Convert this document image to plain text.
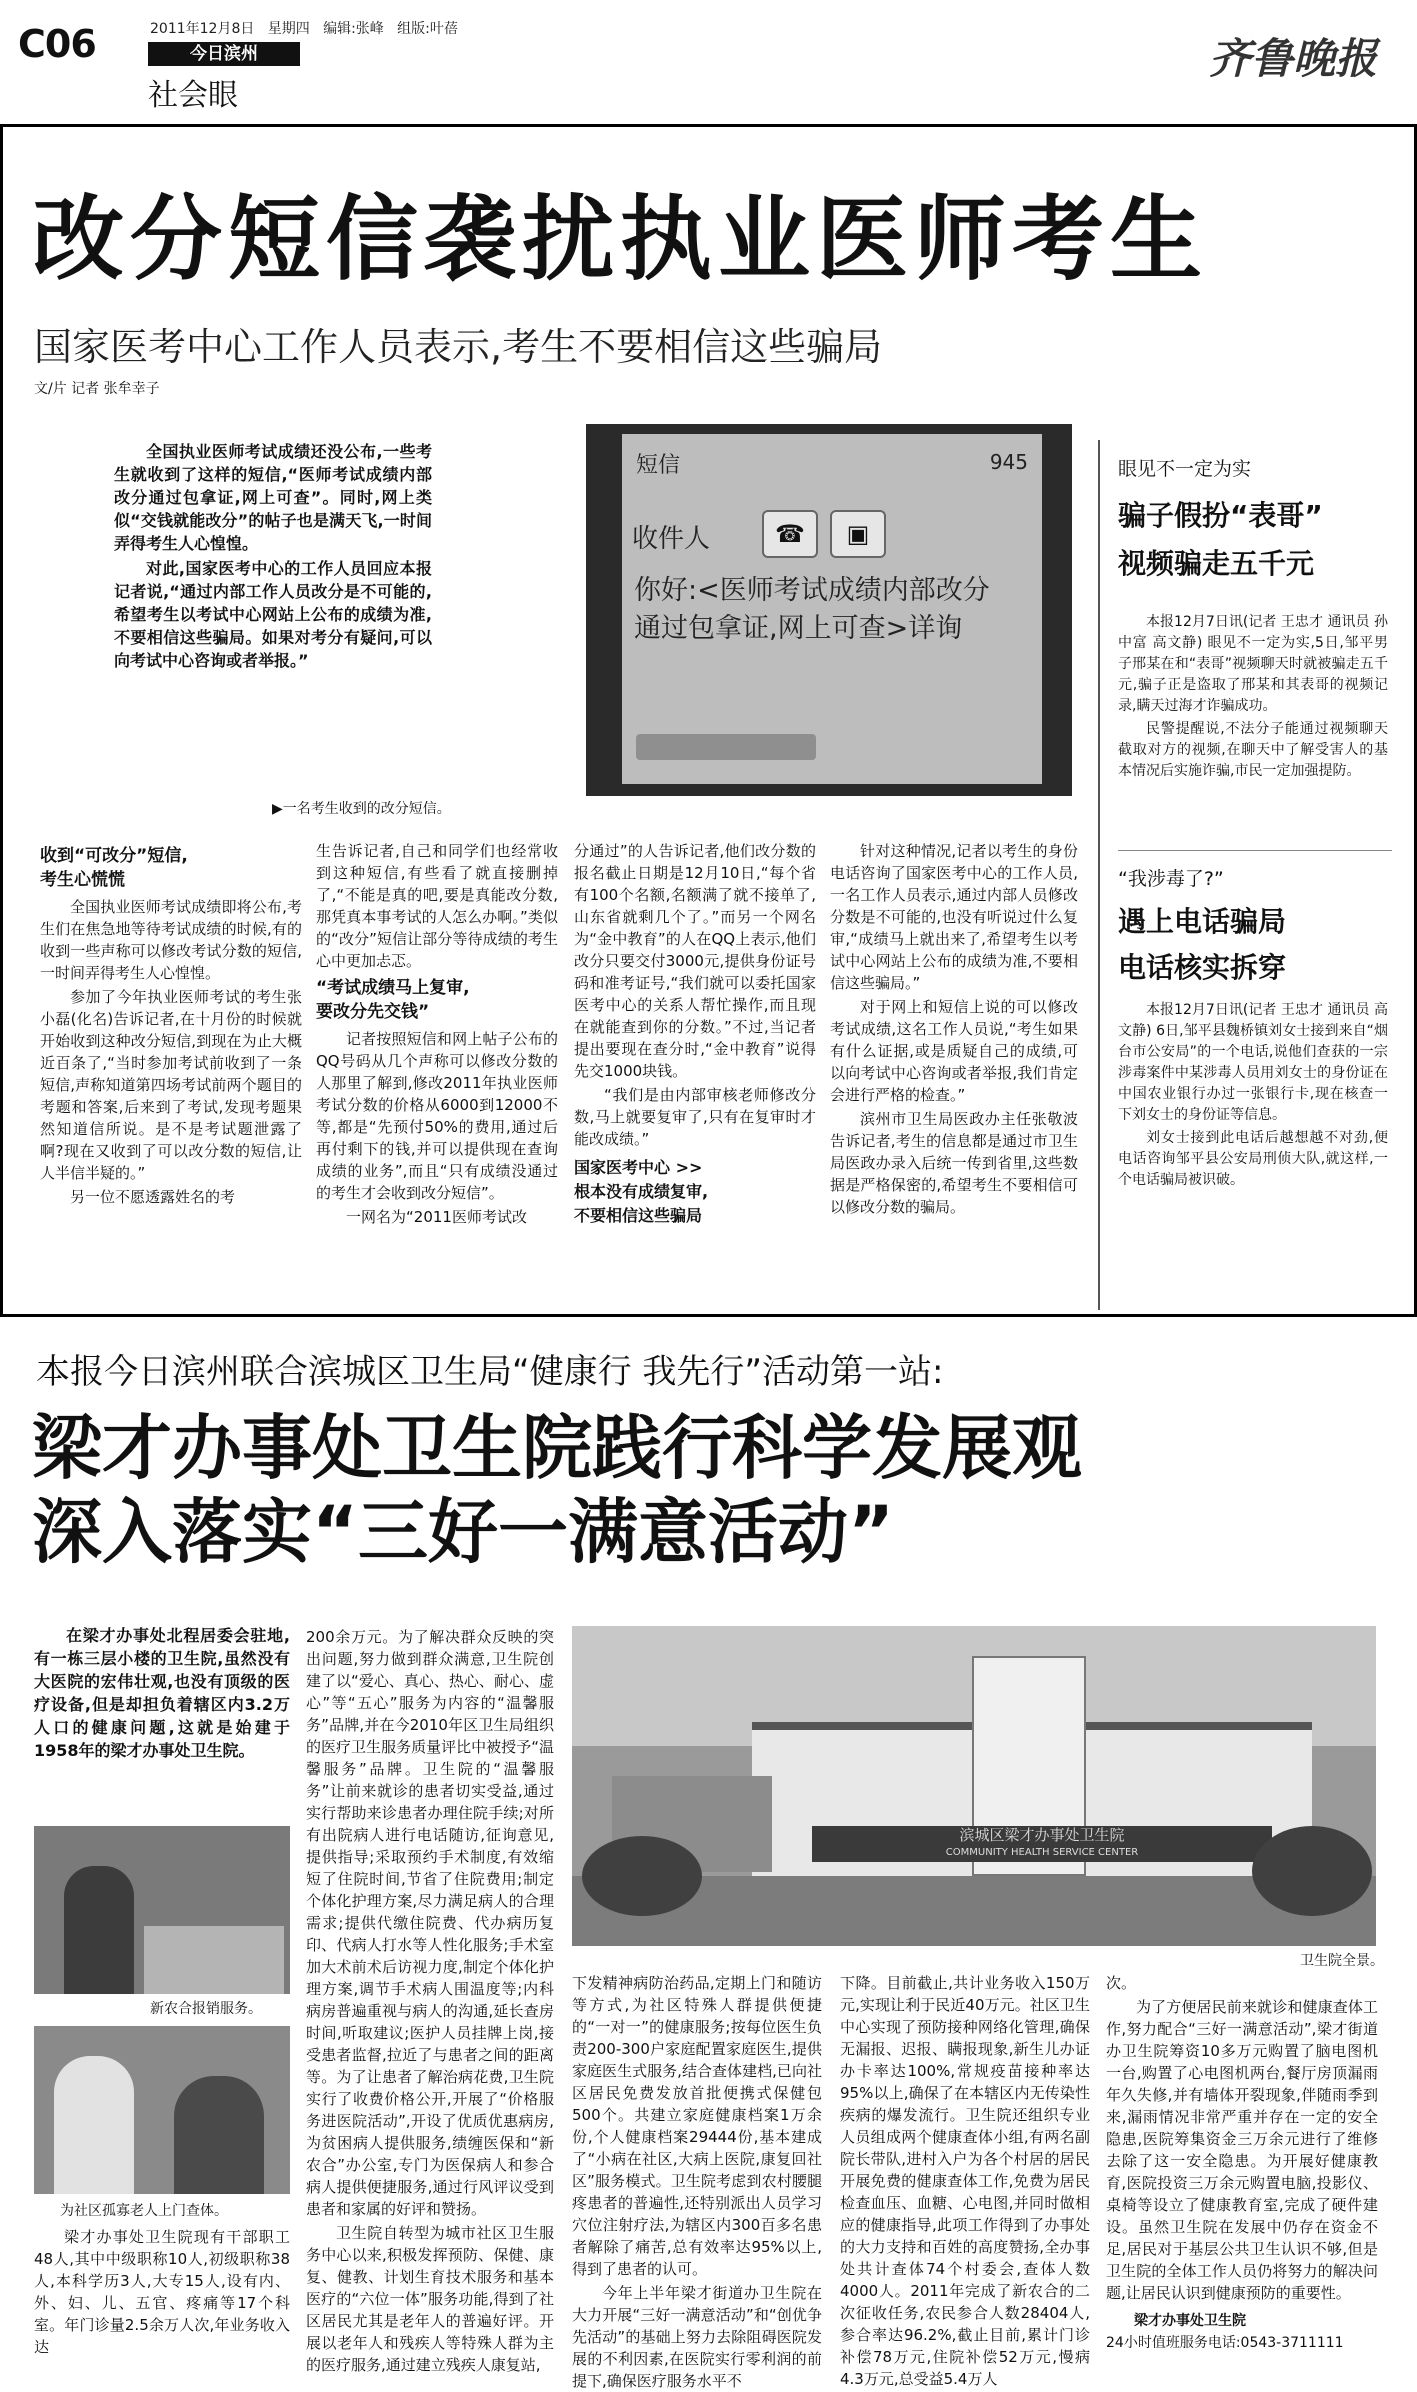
C06	2011年12月8日 星期四 编辑:张峰 组版:叶蓓
今日滨州
社会眼
齐鲁晚报
改分短信袭扰执业医师考生
国家医考中心工作人员表示,考生不要相信这些骗局
文/片 记者 张牟幸子

全国执业医师考试成绩还没公布,一些考生就收到了这样的短信,“医师考试成绩内部改分通过包拿证,网上可查”。同时,网上类似“交钱就能改分”的帖子也是满天飞,一时间弄得考生人心惶惶。

对此,国家医考中心的工作人员回应本报记者说,“通过内部工作人员改分是不可能的,希望考生以考试中心网站上公布的成绩为准,不要相信这些骗局。如果对考分有疑问,可以向考试中心咨询或者举报。”

短信	945
收件人	☎	▣
你好:<医师考试成绩内部改分通过包拿证,网上可查>详询
▶一名考生收到的改分短信。
收到“可改分”短信,
考生心慌慌

全国执业医师考试成绩即将公布,考生们在焦急地等待考试成绩的时候,有的收到一些声称可以修改考试分数的短信,一时间弄得考生人心惶惶。

参加了今年执业医师考试的考生张小磊(化名)告诉记者,在十月份的时候就开始收到这种改分短信,到现在为止大概近百条了,“当时参加考试前收到了一条短信,声称知道第四场考试前两个题目的考题和答案,后来到了考试,发现考题果然知道信所说。是不是考试题泄露了啊?现在又收到了可以改分数的短信,让人半信半疑的。”

另一位不愿透露姓名的考

生告诉记者,自己和同学们也经常收到这种短信,有些看了就直接删掉了,“不能是真的吧,要是真能改分数,那凭真本事考试的人怎么办啊。”类似的“改分”短信让部分等待成绩的考生心中更加忐忑。

“考试成绩马上复审,
要改分先交钱”

记者按照短信和网上帖子公布的QQ号码从几个声称可以修改分数的人那里了解到,修改2011年执业医师考试分数的价格从6000到12000不等,都是“先预付50%的费用,通过后再付剩下的钱,并可以提供现在查询成绩的业务”,而且“只有成绩没通过的考生才会收到改分短信”。

一网名为“2011医师考试改

分通过”的人告诉记者,他们改分数的报名截止日期是12月10日,“每个省有100个名额,名额满了就不接单了,山东省就剩几个了。”而另一个网名为“金中教育”的人在QQ上表示,他们改分只要交付3000元,提供身份证号码和准考证号,“我们就可以委托国家医考中心的关系人帮忙操作,而且现在就能查到你的分数。”不过,当记者提出要现在查分时,“金中教育”说得先交1000块钱。

“我们是由内部审核老师修改分数,马上就要复审了,只有在复审时才能改成绩。”

国家医考中心 >>
根本没有成绩复审,
不要相信这些骗局

针对这种情况,记者以考生的身份电话咨询了国家医考中心的工作人员,一名工作人员表示,通过内部人员修改分数是不可能的,也没有听说过什么复审,“成绩马上就出来了,希望考生以考试中心网站上公布的成绩为准,不要相信这些骗局。”

对于网上和短信上说的可以修改考试成绩,这名工作人员说,“考生如果有什么证据,或是质疑自己的成绩,可以向考试中心咨询或者举报,我们肯定会进行严格的检查。”

滨州市卫生局医政办主任张敬波告诉记者,考生的信息都是通过市卫生局医政办录入后统一传到省里,这些数据是严格保密的,希望考生不要相信可以修改分数的骗局。

眼见不一定为实
骗子假扮“表哥”
视频骗走五千元

本报12月7日讯(记者 王忠才 通讯员 孙中富 高文静) 眼见不一定为实,5日,邹平男子邢某在和“表哥”视频聊天时就被骗走五千元,骗子正是盗取了邢某和其表哥的视频记录,瞒天过海才诈骗成功。

民警提醒说,不法分子能通过视频聊天截取对方的视频,在聊天中了解受害人的基本情况后实施诈骗,市民一定加强提防。

“我涉毒了?”
遇上电话骗局
电话核实拆穿

本报12月7日讯(记者 王忠才 通讯员 高文静) 6日,邹平县魏桥镇刘女士接到来自“烟台市公安局”的一个电话,说他们查获的一宗涉毒案件中某涉毒人员用刘女士的身份证在中国农业银行办过一张银行卡,现在核查一下刘女士的身份证等信息。

刘女士接到此电话后越想越不对劲,便电话咨询邹平县公安局刑侦大队,就这样,一个电话骗局被识破。

本报今日滨州联合滨城区卫生局“健康行 我先行”活动第一站:
梁才办事处卫生院践行科学发展观
深入落实“三好一满意活动”

在梁才办事处北程居委会驻地,有一栋三层小楼的卫生院,虽然没有大医院的宏伟壮观,也没有顶级的医疗设备,但是却担负着辖区内3.2万人口的健康问题,这就是始建于1958年的梁才办事处卫生院。

新农合报销服务。
为社区孤寡老人上门查体。

梁才办事处卫生院现有干部职工48人,其中中级职称10人,初级职称38人,本科学历3人,大专15人,设有内、外、妇、儿、五官、疼痛等17个科室。年门诊量2.5余万人次,年业务收入达

200余万元。为了解决群众反映的突出问题,努力做到群众满意,卫生院创建了以“爱心、真心、热心、耐心、虚心”等“五心”服务为内容的“温馨服务”品牌,并在今2010年区卫生局组织的医疗卫生服务质量评比中被授予“温馨服务”品牌。卫生院的“温馨服务”让前来就诊的患者切实受益,通过实行帮助来诊患者办理住院手续;对所有出院病人进行电话随访,征询意见,提供指导;采取预约手术制度,有效缩短了住院时间,节省了住院费用;制定个体化护理方案,尽力满足病人的合理需求;提供代缴住院费、代办病历复印、代病人打水等人性化服务;手术室加大术前术后访视力度,制定个体化护理方案,调节手术病人围温度等;内科病房普遍重视与病人的沟通,延长查房时间,听取建议;医护人员挂牌上岗,接受患者监督,拉近了与患者之间的距离等。为了让患者了解治病花费,卫生院实行了收费价格公开,开展了“价格服务进医院活动”,开设了优质优惠病房,为贫困病人提供服务,绩缠医保和“新农合”办公室,专门为医保病人和参合病人提供便捷服务,通过行风评议受到患者和家属的好评和赞扬。

卫生院自转型为城市社区卫生服务中心以来,积极发挥预防、保健、康复、健教、计划生育技术服务和基本医疗的“六位一体”服务功能,得到了社区居民尤其是老年人的普遍好评。开展以老年人和残疾人等特殊人群为主的医疗服务,通过建立残疾人康复站,

滨城区梁才办事处卫生院
COMMUNITY HEALTH SERVICE CENTER
卫生院全景。

下发精神病防治药品,定期上门和随访等方式,为社区特殊人群提供便捷的“一对一”的健康服务;按每位医生负责200-300户家庭配置家庭医生,提供家庭医生式服务,结合查体建档,已向社区居民免费发放首批便携式保健包500个。共建立家庭健康档案1万余份,个人健康档案29444份,基本建成了“小病在社区,大病上医院,康复回社区”服务模式。卫生院考虑到农村腰腿疼患者的普遍性,还特别派出人员学习穴位注射疗法,为辖区内300百多名患者解除了痛苦,总有效率达95%以上,得到了患者的认可。

今年上半年梁才街道办卫生院在大力开展“三好一满意活动”和“创优争先活动”的基础上努力去除阻碍医院发展的不利因素,在医院实行零利润的前提下,确保医疗服务水平不

下降。目前截止,共计业务收入150万元,实现让利于民近40万元。社区卫生中心实现了预防接种网络化管理,确保无漏报、迟报、瞒报现象,新生儿办证办卡率达100%,常规疫苗接种率达95%以上,确保了在本辖区内无传染性疾病的爆发流行。卫生院还组织专业人员组成两个健康查体小组,有两名副院长带队,进村入户为各个村居的居民开展免费的健康查体工作,免费为居民检查血压、血糖、心电图,并同时做相应的健康指导,此项工作得到了办事处的大力支持和百姓的高度赞扬,全办事处共计查体74个村委会,查体人数4000人。2011年完成了新农合的二次征收任务,农民参合人数28404人,参合率达96.2%,截止目前,累计门诊补偿78万元,住院补偿52万元,慢病4.3万元,总受益5.4万人

次。

为了方便居民前来就诊和健康查体工作,努力配合“三好一满意活动”,梁才街道办卫生院筹资10多万元购置了脑电图机一台,购置了心电图机两台,餐厅房顶漏雨年久失修,并有墙体开裂现象,伴随雨季到来,漏雨情况非常严重并存在一定的安全隐患,医院筹集资金三万余元进行了维修去除了这一安全隐患。为开展好健康教育,医院投资三万余元购置电脑,投影仪、桌椅等设立了健康教育室,完成了硬件建设。虽然卫生院在发展中仍存在资金不足,居民对于基层公共卫生认识不够,但是卫生院的全体工作人员仍将努力的解决问题,让居民认识到健康预防的重要性。

梁才办事处卫生院
24小时值班服务电话:0543-3711111
